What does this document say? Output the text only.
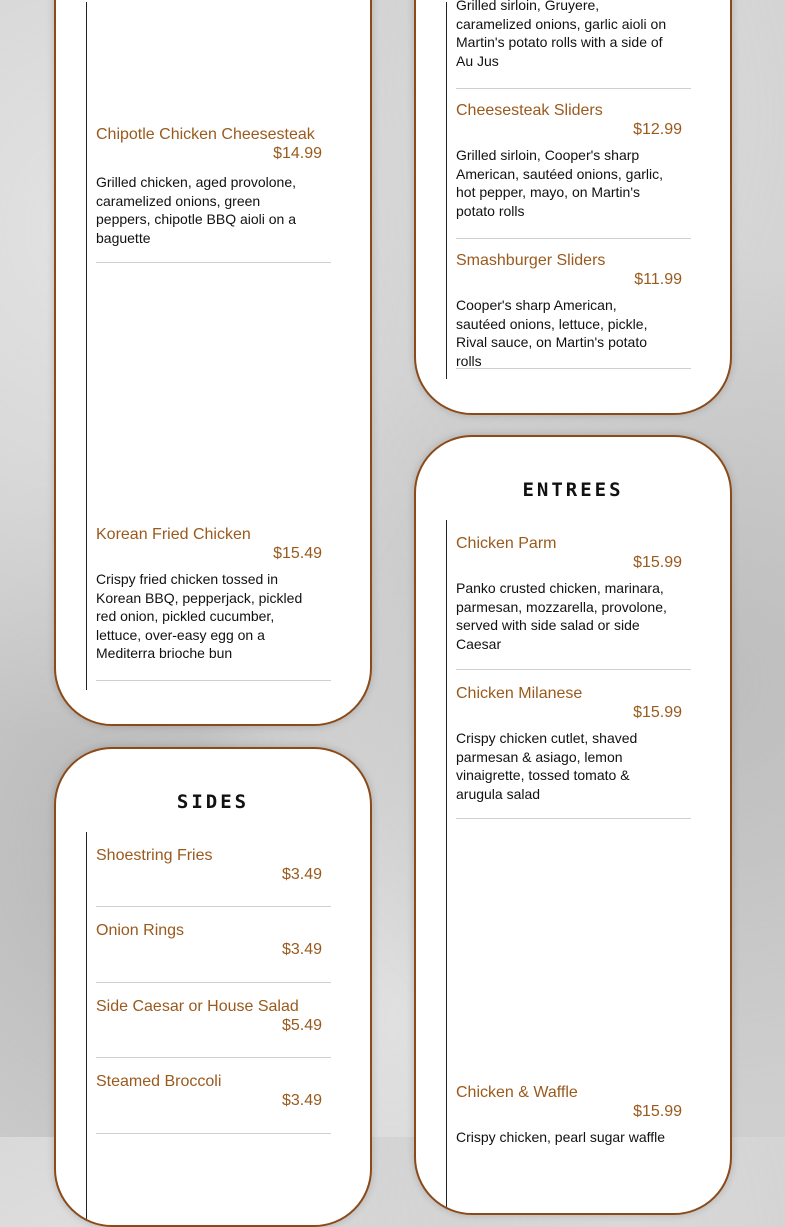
Chipotle Chicken Cheesesteak
$14.99
Grilled chicken, aged provolone, caramelized onions, green peppers, chipotle BBQ aioli on a baguette
Korean Fried Chicken
$15.49
Crispy fried chicken tossed in Korean BBQ, pepperjack, pickled red onion, pickled cucumber, lettuce, over-easy egg on a Mediterra brioche bun
Grilled sirloin, Gruyere, caramelized onions, garlic aioli on Martin's potato rolls with a side of Au Jus
Cheesesteak Sliders
$12.99
Grilled sirloin, Cooper's sharp American, sautéed onions, garlic, hot pepper, mayo, on Martin's potato rolls
Smashburger Sliders
$11.99
Cooper's sharp American, sautéed onions, lettuce, pickle, Rival sauce, on Martin's potato rolls
SIDES
Shoestring Fries
$3.49
Onion Rings
$3.49
Side Caesar or House Salad
$5.49
Steamed Broccoli
$3.49
ENTREES
Chicken Parm
$15.99
Panko crusted chicken, marinara, parmesan, mozzarella, provolone, served with side salad or side Caesar
Chicken Milanese
$15.99
Crispy chicken cutlet, shaved parmesan & asiago, lemon vinaigrette, tossed tomato & arugula salad
Chicken & Waffle
$15.99
Crispy chicken, pearl sugar waffle
